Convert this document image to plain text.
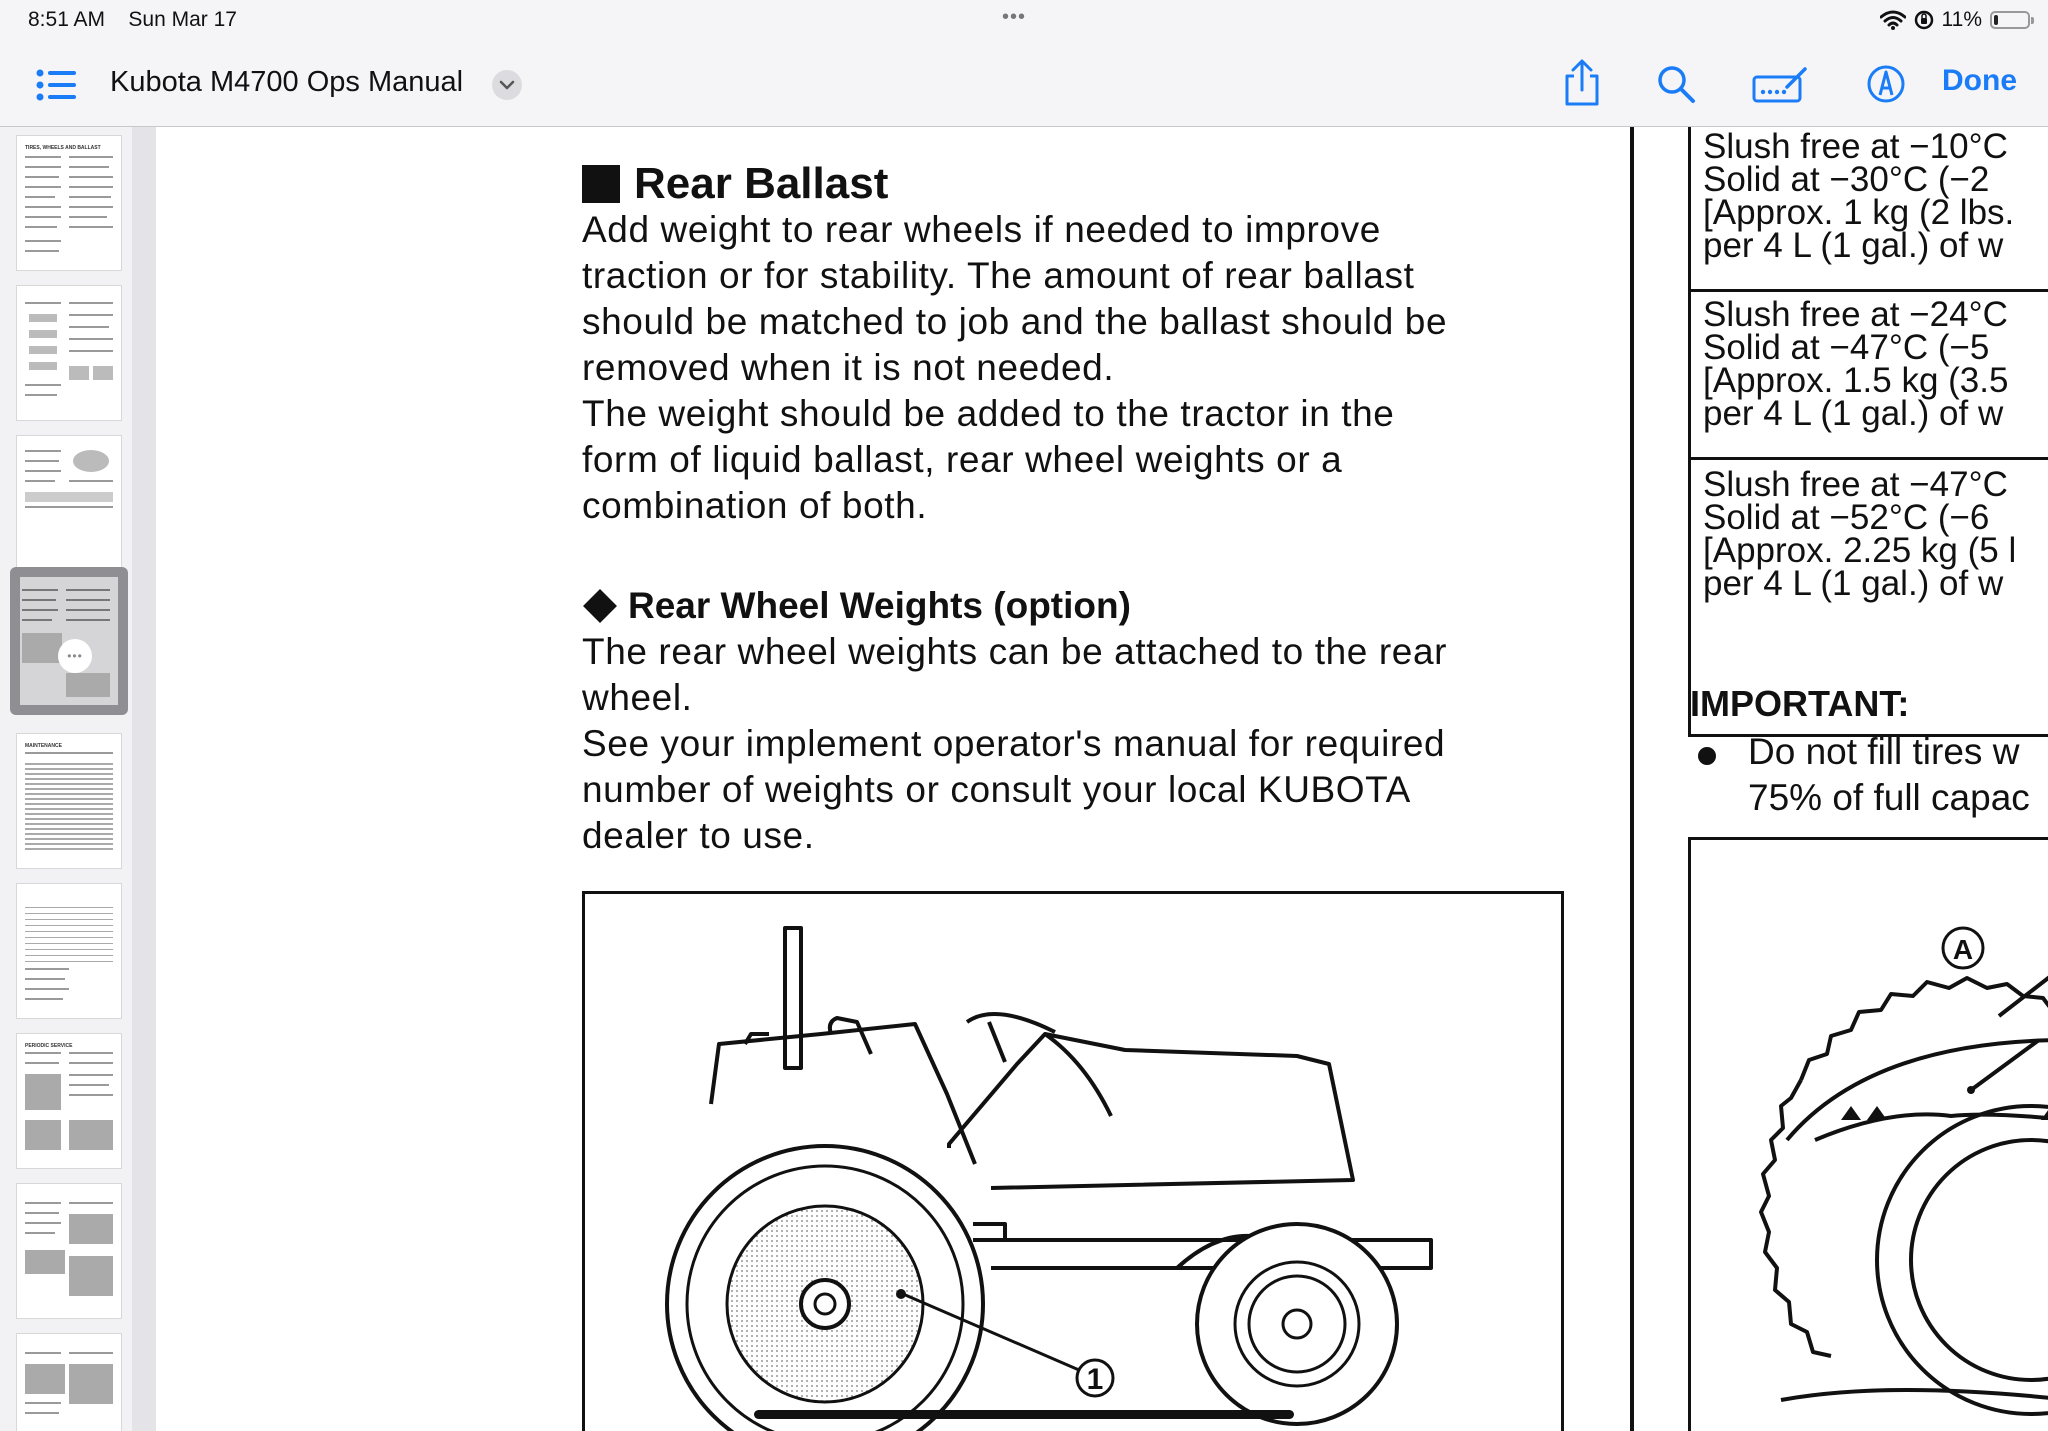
8:51 AM Sun Mar 17	•••	11%
Kubota M4700 Ops Manual	Done
TIRES, WHEELS AND BALLAST
•••
MAINTENANCE
PERIODIC SERVICE
Rear Ballast
Add weight to rear wheels if needed to improve
traction or for stability. The amount of rear ballast
should be matched to job and the ballast should be
removed when it is not needed.
The weight should be added to the tractor in the
form of liquid ballast, rear wheel weights or a
combination of both.
Rear Wheel Weights (option)
The rear wheel weights can be attached to the rear
wheel.
See your implement operator's manual for required
number of weights or consult your local KUBOTA
dealer to use.
1
Slush free at −10°C
Solid at −30°C (−2
[Approx. 1 kg (2 lbs.
per 4 L (1 gal.) of w
Slush free at −24°C
Solid at −47°C (−5
[Approx. 1.5 kg (3.5
per 4 L (1 gal.) of w
Slush free at −47°C
Solid at −52°C (−6
[Approx. 2.25 kg (5 l
per 4 L (1 gal.) of w
IMPORTANT:
Do not fill tires w
75% of full capac
A
